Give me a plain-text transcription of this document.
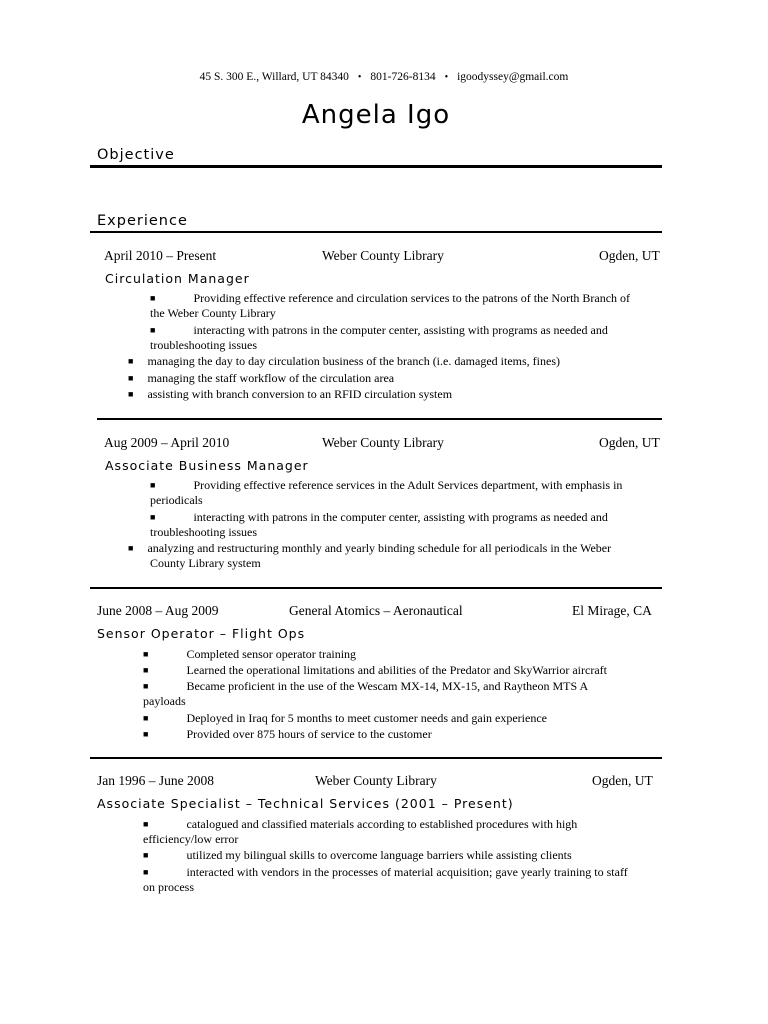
45 S. 300 E., Willard, UT 84340 • 801-726-8134 • igoodyssey@gmail.com
Angela Igo
Objective
Experience
April 2010 – Present	Weber County Library	Ogden, UT
Circulation Manager
■	Providing effective reference and circulation services to the patrons of the North Branch of
the Weber County Library
■	interacting with patrons in the computer center, assisting with programs as needed and
troubleshooting issues
■ managing the day to day circulation business of the branch (i.e. damaged items, fines)
■ managing the staff workflow of the circulation area
■ assisting with branch conversion to an RFID circulation system
Aug 2009 – April 2010	Weber County Library	Ogden, UT
Associate Business Manager
■	Providing effective reference services in the Adult Services department, with emphasis in
periodicals
■	interacting with patrons in the computer center, assisting with programs as needed and
troubleshooting issues
■ analyzing and restructuring monthly and yearly binding schedule for all periodicals in the Weber
County Library system
June 2008 – Aug 2009	General Atomics – Aeronautical	El Mirage, CA
Sensor Operator – Flight Ops
■	Completed sensor operator training
■	Learned the operational limitations and abilities of the Predator and SkyWarrior aircraft
■	Became proficient in the use of the Wescam MX-14, MX-15, and Raytheon MTS A
payloads
■	Deployed in Iraq for 5 months to meet customer needs and gain experience
■	Provided over 875 hours of service to the customer
Jan 1996 – June 2008	Weber County Library	Ogden, UT
Associate Specialist – Technical Services (2001 – Present)
■	catalogued and classified materials according to established procedures with high
efficiency/low error
■	utilized my bilingual skills to overcome language barriers while assisting clients
■	interacted with vendors in the processes of material acquisition; gave yearly training to staff
on process
